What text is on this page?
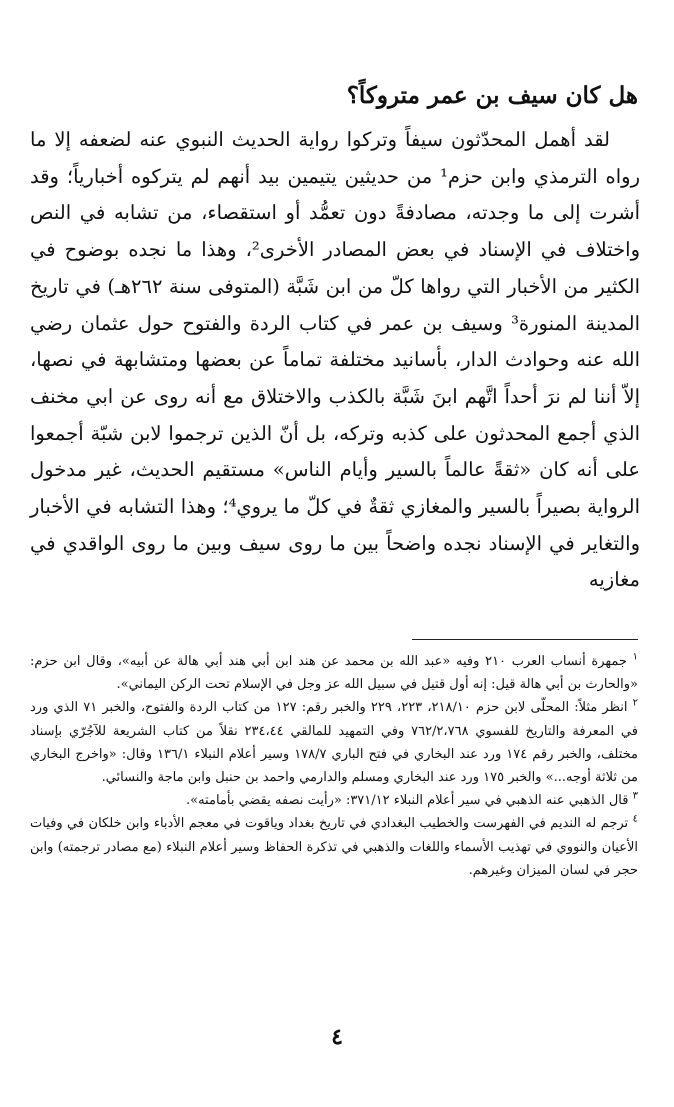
هل كان سيف بن عمر متروكاً؟

لقد أهمل المحدّثون سيفاً وتركوا رواية الحديث النبوي عنه لضعفه إلا ما رواه الترمذي وابن حزم¹ من حديثين يتيمين بيد أنهم لم يتركوه أخبارياً؛ وقد أشرت إلى ما وجدته، مصادفةً دون تعمُّد أو استقصاء، من تشابه في النص واختلاف في الإسناد في بعض المصادر الأخرى²، وهذا ما نجده بوضوح في الكثير من الأخبار التي رواها كلّ من ابن شَبَّة (المتوفى سنة ٢٦٢هـ) في تاريخ المدينة المنورة³ وسيف بن عمر في كتاب الردة والفتوح حول عثمان رضي الله عنه وحوادث الدار، بأسانيد مختلفة تماماً عن بعضها ومتشابهة في نصها، إلاّ أننا لم نرَ أحداً اتَّهم ابنَ شَبَّة بالكذب والاختلاق مع أنه روى عن ابي مخنف الذي أجمع المحدثون على كذبه وتركه، بل أنّ الذين ترجموا لابن شبّة أجمعوا على أنه كان «ثقةً عالماً بالسير وأيام الناس» مستقيم الحديث، غير مدخول الرواية بصيراً بالسير والمغازي ثقةٌ في كلّ ما يروي⁴؛ وهذا التشابه في الأخبار والتغاير في الإسناد نجده واضحاً بين ما روى سيف وبين ما روى الواقدي في مغازيه

$^١$ جمهرة أنساب العرب ٢١٠ وفيه «عبد الله بن محمد عن هند ابن أبي هند أبي هالة عن أبيه»، وقال ابن حزم: «والحارث بن أبي هالة قيل: إنه أول قتيل في سبيل الله عز وجل في الإسلام تحت الركن اليماني».

$^٢$ انظر مثلاً: المحلّى لابن حزم ٢١٨/١٠، ٢٢٣، ٢٢٩ والخبر رقم: ١٢٧ من كتاب الردة والفتوح، والخبر ٧١ الذي ورد في المعرفة والتاريخ للفسوي ٧٦٢/٢،٧٦٨ وفي التمهيد للمالقي ٢٣٤،٤٤ نقلاً من كتاب الشريعة للآجُرّي بإسناد مختلف، والخبر رقم ١٧٤ ورد عند البخاري في فتح الباري ١٧٨/٧ وسير أعلام النبلاء ١٣٦/١ وقال: «واخرج البخاري من ثلاثة أوجه...» والخبر ١٧٥ ورد عند البخاري ومسلم والدارمي واحمد بن حنبل وابن ماجة والنسائي.

$^٣$ قال الذهبي عنه الذهبي في سير أعلام النبلاء ٣٧١/١٢: «رأيت نصفه يقضي بأمامته».

$^٤$ ترجم له النديم في الفهرست والخطيب البغدادي في تاريخ بغداد وياقوت في معجم الأدباء وابن خلكان في وفيات الأعيان والنووي في تهذيب الأسماء واللغات والذهبي في تذكرة الحفاظ وسير أعلام النبلاء (مع مصادر ترجمته) وابن حجر في لسان الميزان وغيرهم.

٤
